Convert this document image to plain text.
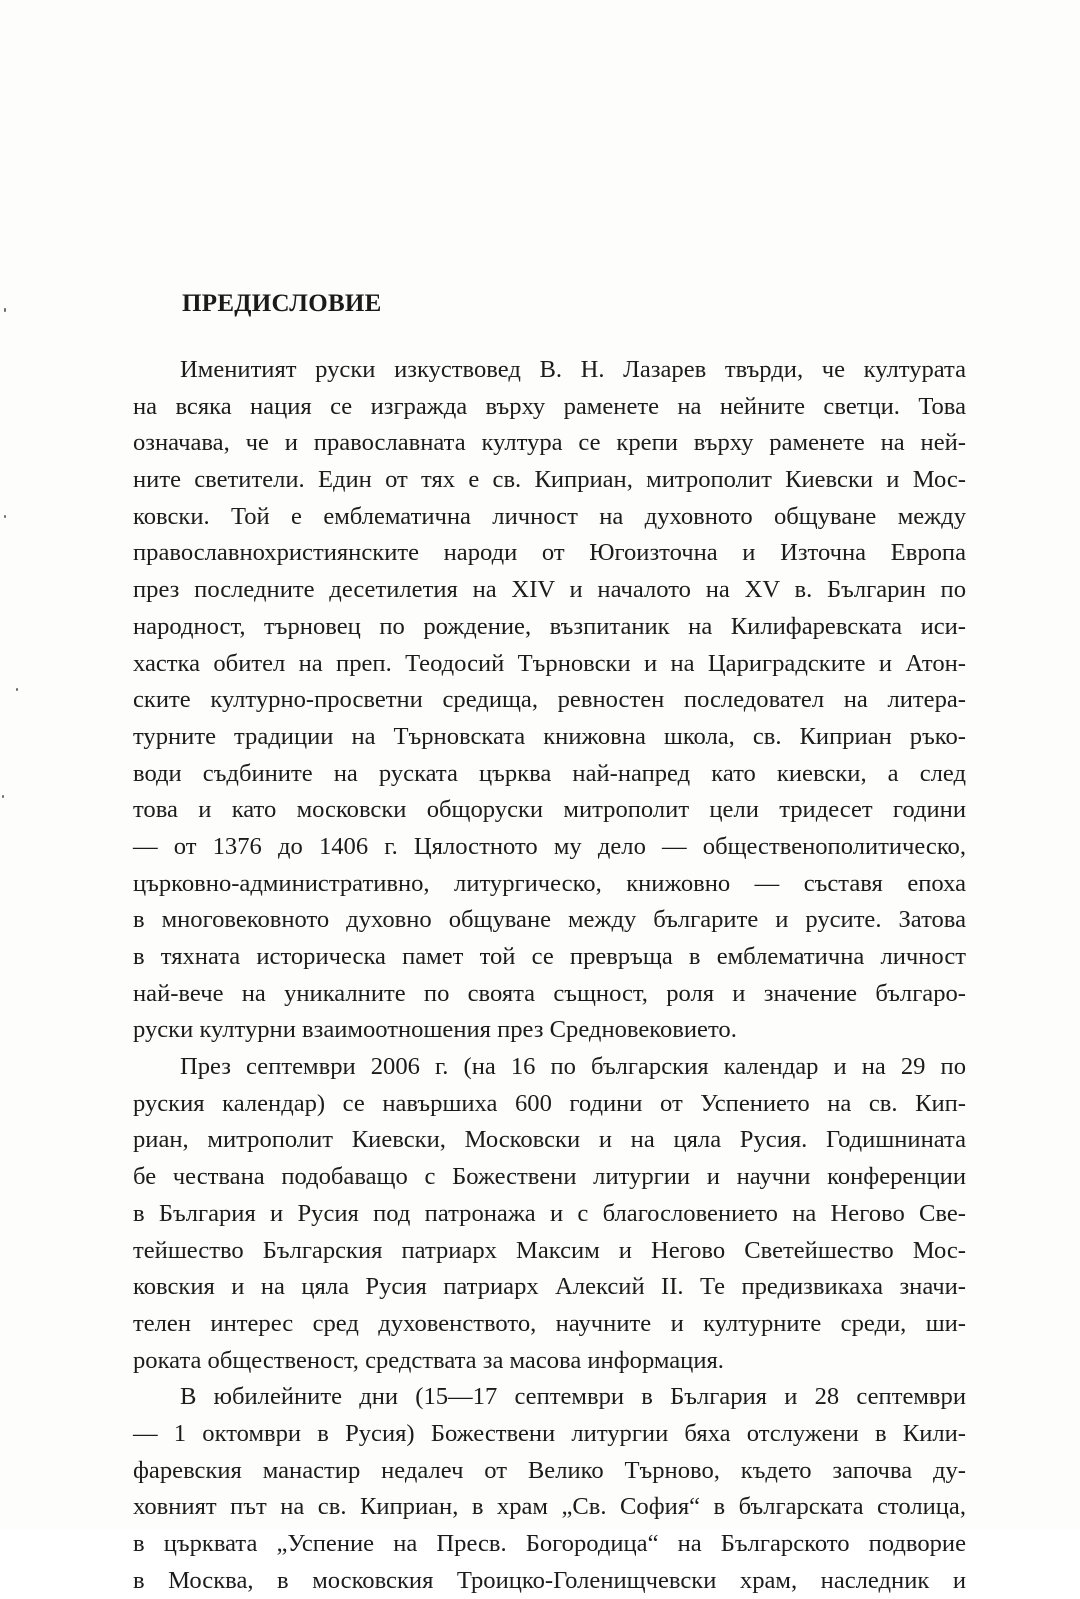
ПРЕДИСЛОВИЕ
Именитият руски изкуствовед В. Н. Лазарев твърди, че културата
на всяка нация се изгражда върху раменете на нейните светци. Това
означава, че и православната култура се крепи върху раменете на ней-
ните светители. Един от тях е св. Киприан, митрополит Киевски и Мос-
ковски. Той е емблематична личност на духовното общуване между
православнохристиянските народи от Югоизточна и Източна Европа
през последните десетилетия на XIV и началото на XV в. Българин по
народност, търновец по рождение, възпитаник на Килифаревската иси-
хастка обител на преп. Теодосий Търновски и на Цариградските и Атон-
ските културно-просветни средища, ревностен последовател на литера-
турните традиции на Търновската книжовна школа, св. Киприан ръко-
води съдбините на руската църква най-напред като киевски, а след
това и като московски общоруски митрополит цели тридесет години
— от 1376 до 1406 г. Цялостното му дело — общественополитическо,
църковно-административно, литургическо, книжовно — съставя епоха
в многовековното духовно общуване между българите и русите. Затова
в тяхната историческа памет той се превръща в емблематична личност
най-вече на уникалните по своята същност, роля и значение българо-
руски културни взаимоотношения през Средновековието.
През септември 2006 г. (на 16 по българския календар и на 29 по
руския календар) се навършиха 600 години от Успението на св. Кип-
риан, митрополит Киевски, Московски и на цяла Русия. Годишнината
бе чествана подобаващо с Божествени литургии и научни конференции
в България и Русия под патронажа и с благословението на Негово Све-
тейшество Българския патриарх Максим и Негово Светейшество Мос-
ковския и на цяла Русия патриарх Алексий II. Те предизвикаха значи-
телен интерес сред духовенството, научните и културните среди, ши-
роката общественост, средствата за масова информация.
В юбилейните дни (15—17 септември в България и 28 септември
— 1 октомври в Русия) Божествени литургии бяха отслужени в Кили-
фаревския манастир недалеч от Велико Търново, където започва ду-
ховният път на св. Киприан, в храм „Св. София“ в българската столица,
в църквата „Успение на Пресв. Богородица“ на Българското подворие
в Москва, в московския Троицко-Голенищчевски храм, наследник и
